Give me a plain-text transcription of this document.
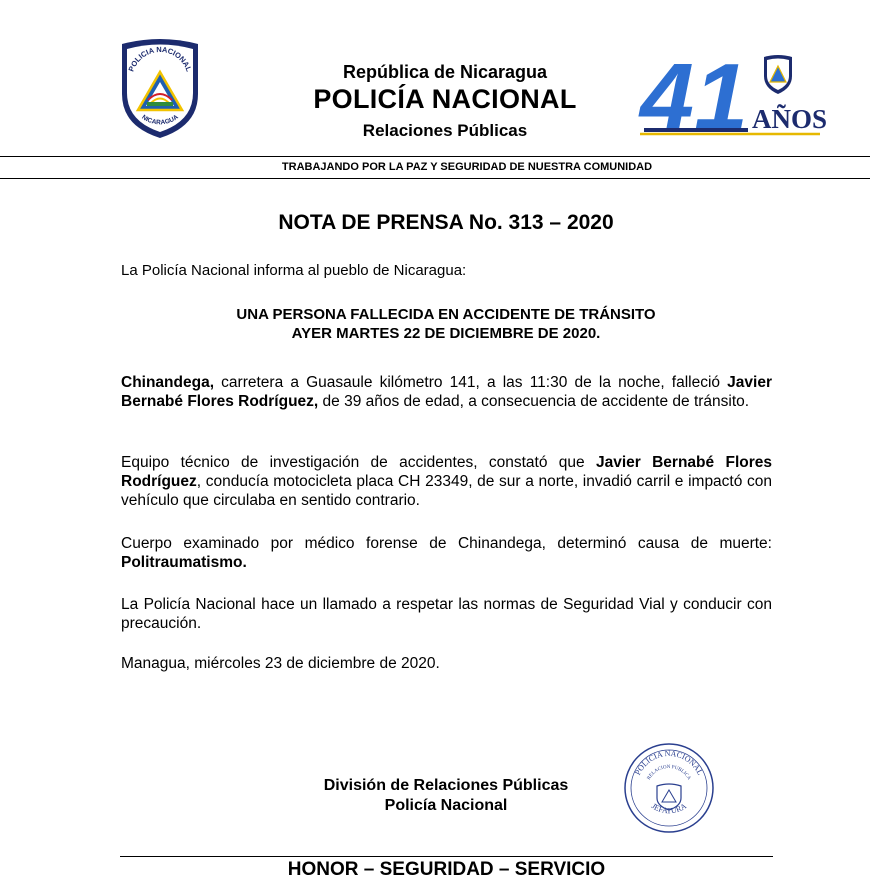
POLICIA NACIONAL
NICARAGUA
República de Nicaragua
POLICÍA NACIONAL
Relaciones Públicas	41 AÑOS
TRABAJANDO POR LA PAZ Y SEGURIDAD DE NUESTRA COMUNIDAD
NOTA DE PRENSA No. 313 – 2020
La Policía Nacional informa al pueblo de Nicaragua:
UNA PERSONA FALLECIDA EN ACCIDENTE DE TRÁNSITO
AYER MARTES 22 DE DICIEMBRE DE 2020.
Chinandega, carretera a Guasaule kilómetro 141, a las 11:30 de la noche, falleció Javier Bernabé Flores Rodríguez, de 39 años de edad, a consecuencia de accidente de tránsito.
Equipo técnico de investigación de accidentes, constató que Javier Bernabé Flores Rodríguez, conducía motocicleta placa CH 23349, de sur a norte, invadió carril e impactó con vehículo que circulaba en sentido contrario.
Cuerpo examinado por médico forense de Chinandega, determinó causa de muerte: Politraumatismo.
La Policía Nacional hace un llamado a respetar las normas de Seguridad Vial y conducir con precaución.
Managua, miércoles 23 de diciembre de 2020.
División de Relaciones Públicas
Policía Nacional
POLICIA NACIONAL
RELACION PUBLICA
JEFATURA
HONOR – SEGURIDAD – SERVICIO
